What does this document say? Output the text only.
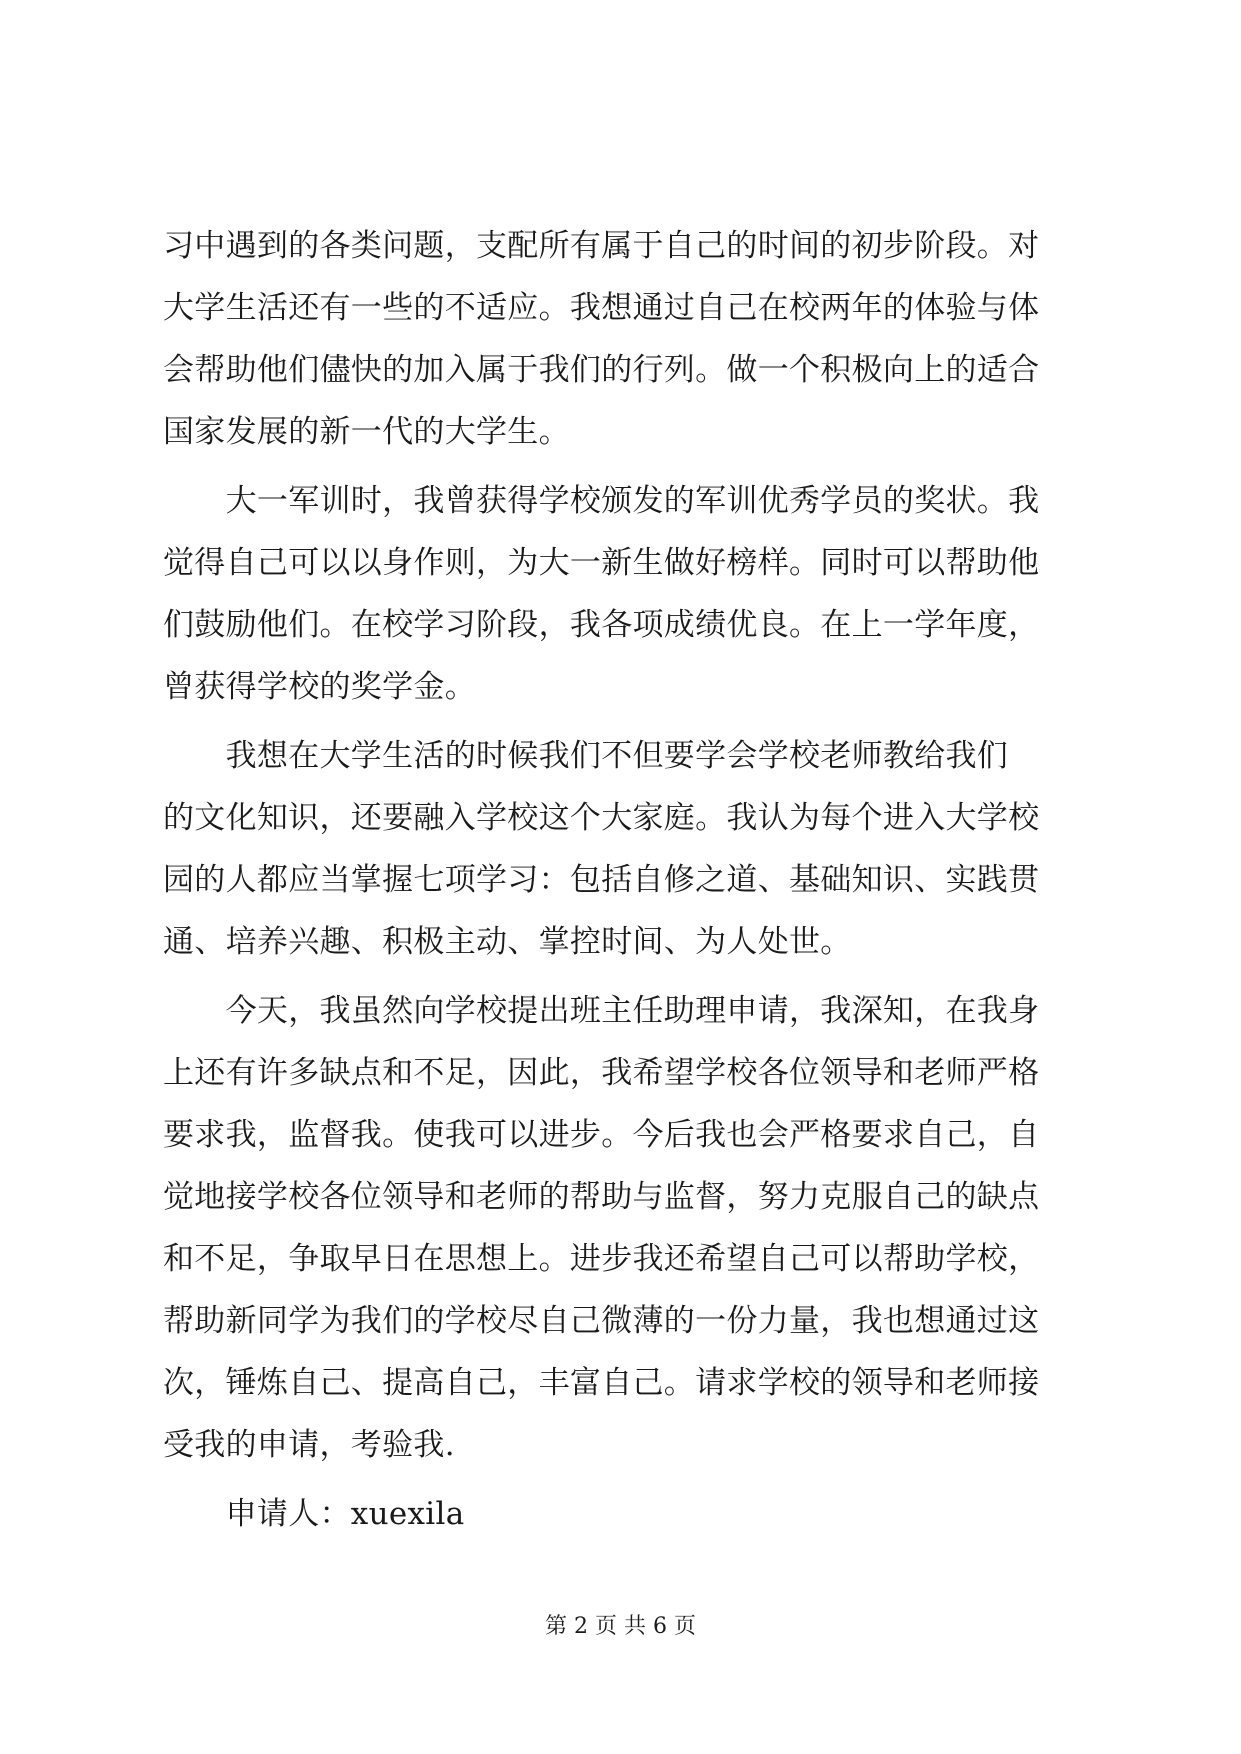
习中遇到的各类问题，支配所有属于自己的时间的初步阶段。对
大学生活还有一些的不适应。我想通过自己在校两年的体验与体
会帮助他们儘快的加入属于我们的行列。做一个积极向上的适合
国家发展的新一代的大学生。
　　大一军训时，我曾获得学校颁发的军训优秀学员的奖状。我
觉得自己可以以身作则，为大一新生做好榜样。同时可以帮助他
们鼓励他们。在校学习阶段，我各项成绩优良。在上一学年度，
曾获得学校的奖学金。
　　我想在大学生活的时候我们不但要学会学校老师教给我们
的文化知识，还要融入学校这个大家庭。我认为每个进入大学校
园的人都应当掌握七项学习：包括自修之道、基础知识、实践贯
通、培养兴趣、积极主动、掌控时间、为人处世。
　　今天，我虽然向学校提出班主任助理申请，我深知，在我身
上还有许多缺点和不足，因此，我希望学校各位领导和老师严格
要求我，监督我。使我可以进步。今后我也会严格要求自己，自
觉地接学校各位领导和老师的帮助与监督，努力克服自己的缺点
和不足，争取早日在思想上。进步我还希望自己可以帮助学校，
帮助新同学为我们的学校尽自己微薄的一份力量，我也想通过这
次，锤炼自己、提高自己，丰富自己。请求学校的领导和老师接
受我的申请，考验我.
　　申请人：xuexila
第 2 页 共 6 页
